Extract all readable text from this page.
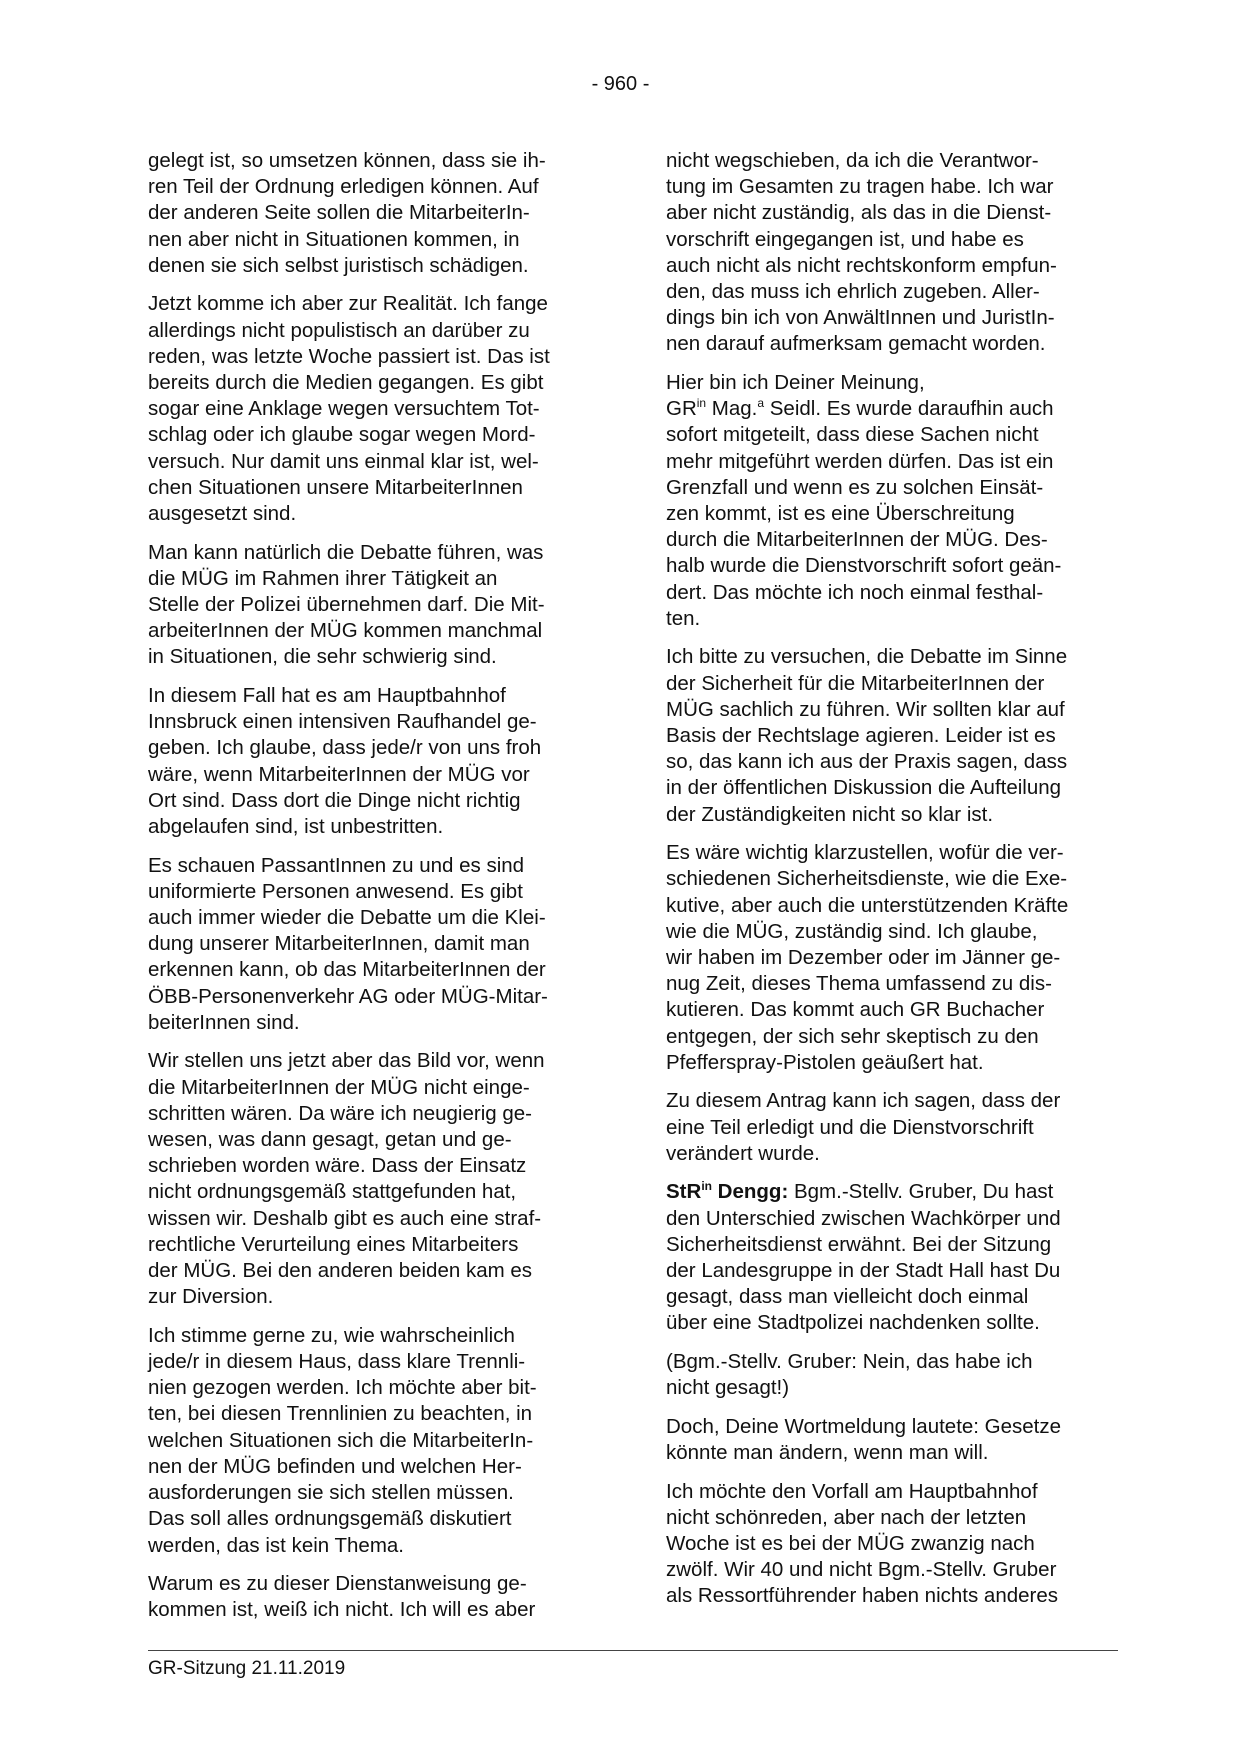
- 960 -

gelegt ist, so umsetzen können, dass sie ih-
ren Teil der Ordnung erledigen können. Auf
der anderen Seite sollen die MitarbeiterIn-
nen aber nicht in Situationen kommen, in
denen sie sich selbst juristisch schädigen.

Jetzt komme ich aber zur Realität. Ich fange
allerdings nicht populistisch an darüber zu
reden, was letzte Woche passiert ist. Das ist
bereits durch die Medien gegangen. Es gibt
sogar eine Anklage wegen versuchtem Tot-
schlag oder ich glaube sogar wegen Mord-
versuch. Nur damit uns einmal klar ist, wel-
chen Situationen unsere MitarbeiterInnen
ausgesetzt sind.

Man kann natürlich die Debatte führen, was
die MÜG im Rahmen ihrer Tätigkeit an
Stelle der Polizei übernehmen darf. Die Mit-
arbeiterInnen der MÜG kommen manchmal
in Situationen, die sehr schwierig sind.

In diesem Fall hat es am Hauptbahnhof
Innsbruck einen intensiven Raufhandel ge-
geben. Ich glaube, dass jede/r von uns froh
wäre, wenn MitarbeiterInnen der MÜG vor
Ort sind. Dass dort die Dinge nicht richtig
abgelaufen sind, ist unbestritten.

Es schauen PassantInnen zu und es sind
uniformierte Personen anwesend. Es gibt
auch immer wieder die Debatte um die Klei-
dung unserer MitarbeiterInnen, damit man
erkennen kann, ob das MitarbeiterInnen der
ÖBB-Personenverkehr AG oder MÜG-Mitar-
beiterInnen sind.

Wir stellen uns jetzt aber das Bild vor, wenn
die MitarbeiterInnen der MÜG nicht einge-
schritten wären. Da wäre ich neugierig ge-
wesen, was dann gesagt, getan und ge-
schrieben worden wäre. Dass der Einsatz
nicht ordnungsgemäß stattgefunden hat,
wissen wir. Deshalb gibt es auch eine straf-
rechtliche Verurteilung eines Mitarbeiters
der MÜG. Bei den anderen beiden kam es
zur Diversion.

Ich stimme gerne zu, wie wahrscheinlich
jede/r in diesem Haus, dass klare Trennli-
nien gezogen werden. Ich möchte aber bit-
ten, bei diesen Trennlinien zu beachten, in
welchen Situationen sich die MitarbeiterIn-
nen der MÜG befinden und welchen Her-
ausforderungen sie sich stellen müssen.
Das soll alles ordnungsgemäß diskutiert
werden, das ist kein Thema.

Warum es zu dieser Dienstanweisung ge-
kommen ist, weiß ich nicht. Ich will es aber

nicht wegschieben, da ich die Verantwor-
tung im Gesamten zu tragen habe. Ich war
aber nicht zuständig, als das in die Dienst-
vorschrift eingegangen ist, und habe es
auch nicht als nicht rechtskonform empfun-
den, das muss ich ehrlich zugeben. Aller-
dings bin ich von AnwältInnen und JuristIn-
nen darauf aufmerksam gemacht worden.

Hier bin ich Deiner Meinung,
$GR^{in}$ Mag.$^a$ Seidl. Es wurde daraufhin auch
sofort mitgeteilt, dass diese Sachen nicht
mehr mitgeführt werden dürfen. Das ist ein
Grenzfall und wenn es zu solchen Einsät-
zen kommt, ist es eine Überschreitung
durch die MitarbeiterInnen der MÜG. Des-
halb wurde die Dienstvorschrift sofort geän-
dert. Das möchte ich noch einmal festhal-
ten.

Ich bitte zu versuchen, die Debatte im Sinne
der Sicherheit für die MitarbeiterInnen der
MÜG sachlich zu führen. Wir sollten klar auf
Basis der Rechtslage agieren. Leider ist es
so, das kann ich aus der Praxis sagen, dass
in der öffentlichen Diskussion die Aufteilung
der Zuständigkeiten nicht so klar ist.

Es wäre wichtig klarzustellen, wofür die ver-
schiedenen Sicherheitsdienste, wie die Exe-
kutive, aber auch die unterstützenden Kräfte
wie die MÜG, zuständig sind. Ich glaube,
wir haben im Dezember oder im Jänner ge-
nug Zeit, dieses Thema umfassend zu dis-
kutieren. Das kommt auch GR Buchacher
entgegen, der sich sehr skeptisch zu den
Pfefferspray-Pistolen geäußert hat.

Zu diesem Antrag kann ich sagen, dass der
eine Teil erledigt und die Dienstvorschrift
verändert wurde.

StR$^{in}$ Dengg: Bgm.-Stellv. Gruber, Du hast
den Unterschied zwischen Wachkörper und
Sicherheitsdienst erwähnt. Bei der Sitzung
der Landesgruppe in der Stadt Hall hast Du
gesagt, dass man vielleicht doch einmal
über eine Stadtpolizei nachdenken sollte.

(Bgm.-Stellv. Gruber: Nein, das habe ich
nicht gesagt!)

Doch, Deine Wortmeldung lautete: Gesetze
könnte man ändern, wenn man will.

Ich möchte den Vorfall am Hauptbahnhof
nicht schönreden, aber nach der letzten
Woche ist es bei der MÜG zwanzig nach
zwölf. Wir 40 und nicht Bgm.-Stellv. Gruber
als Ressortführender haben nichts anderes

GR-Sitzung 21.11.2019
